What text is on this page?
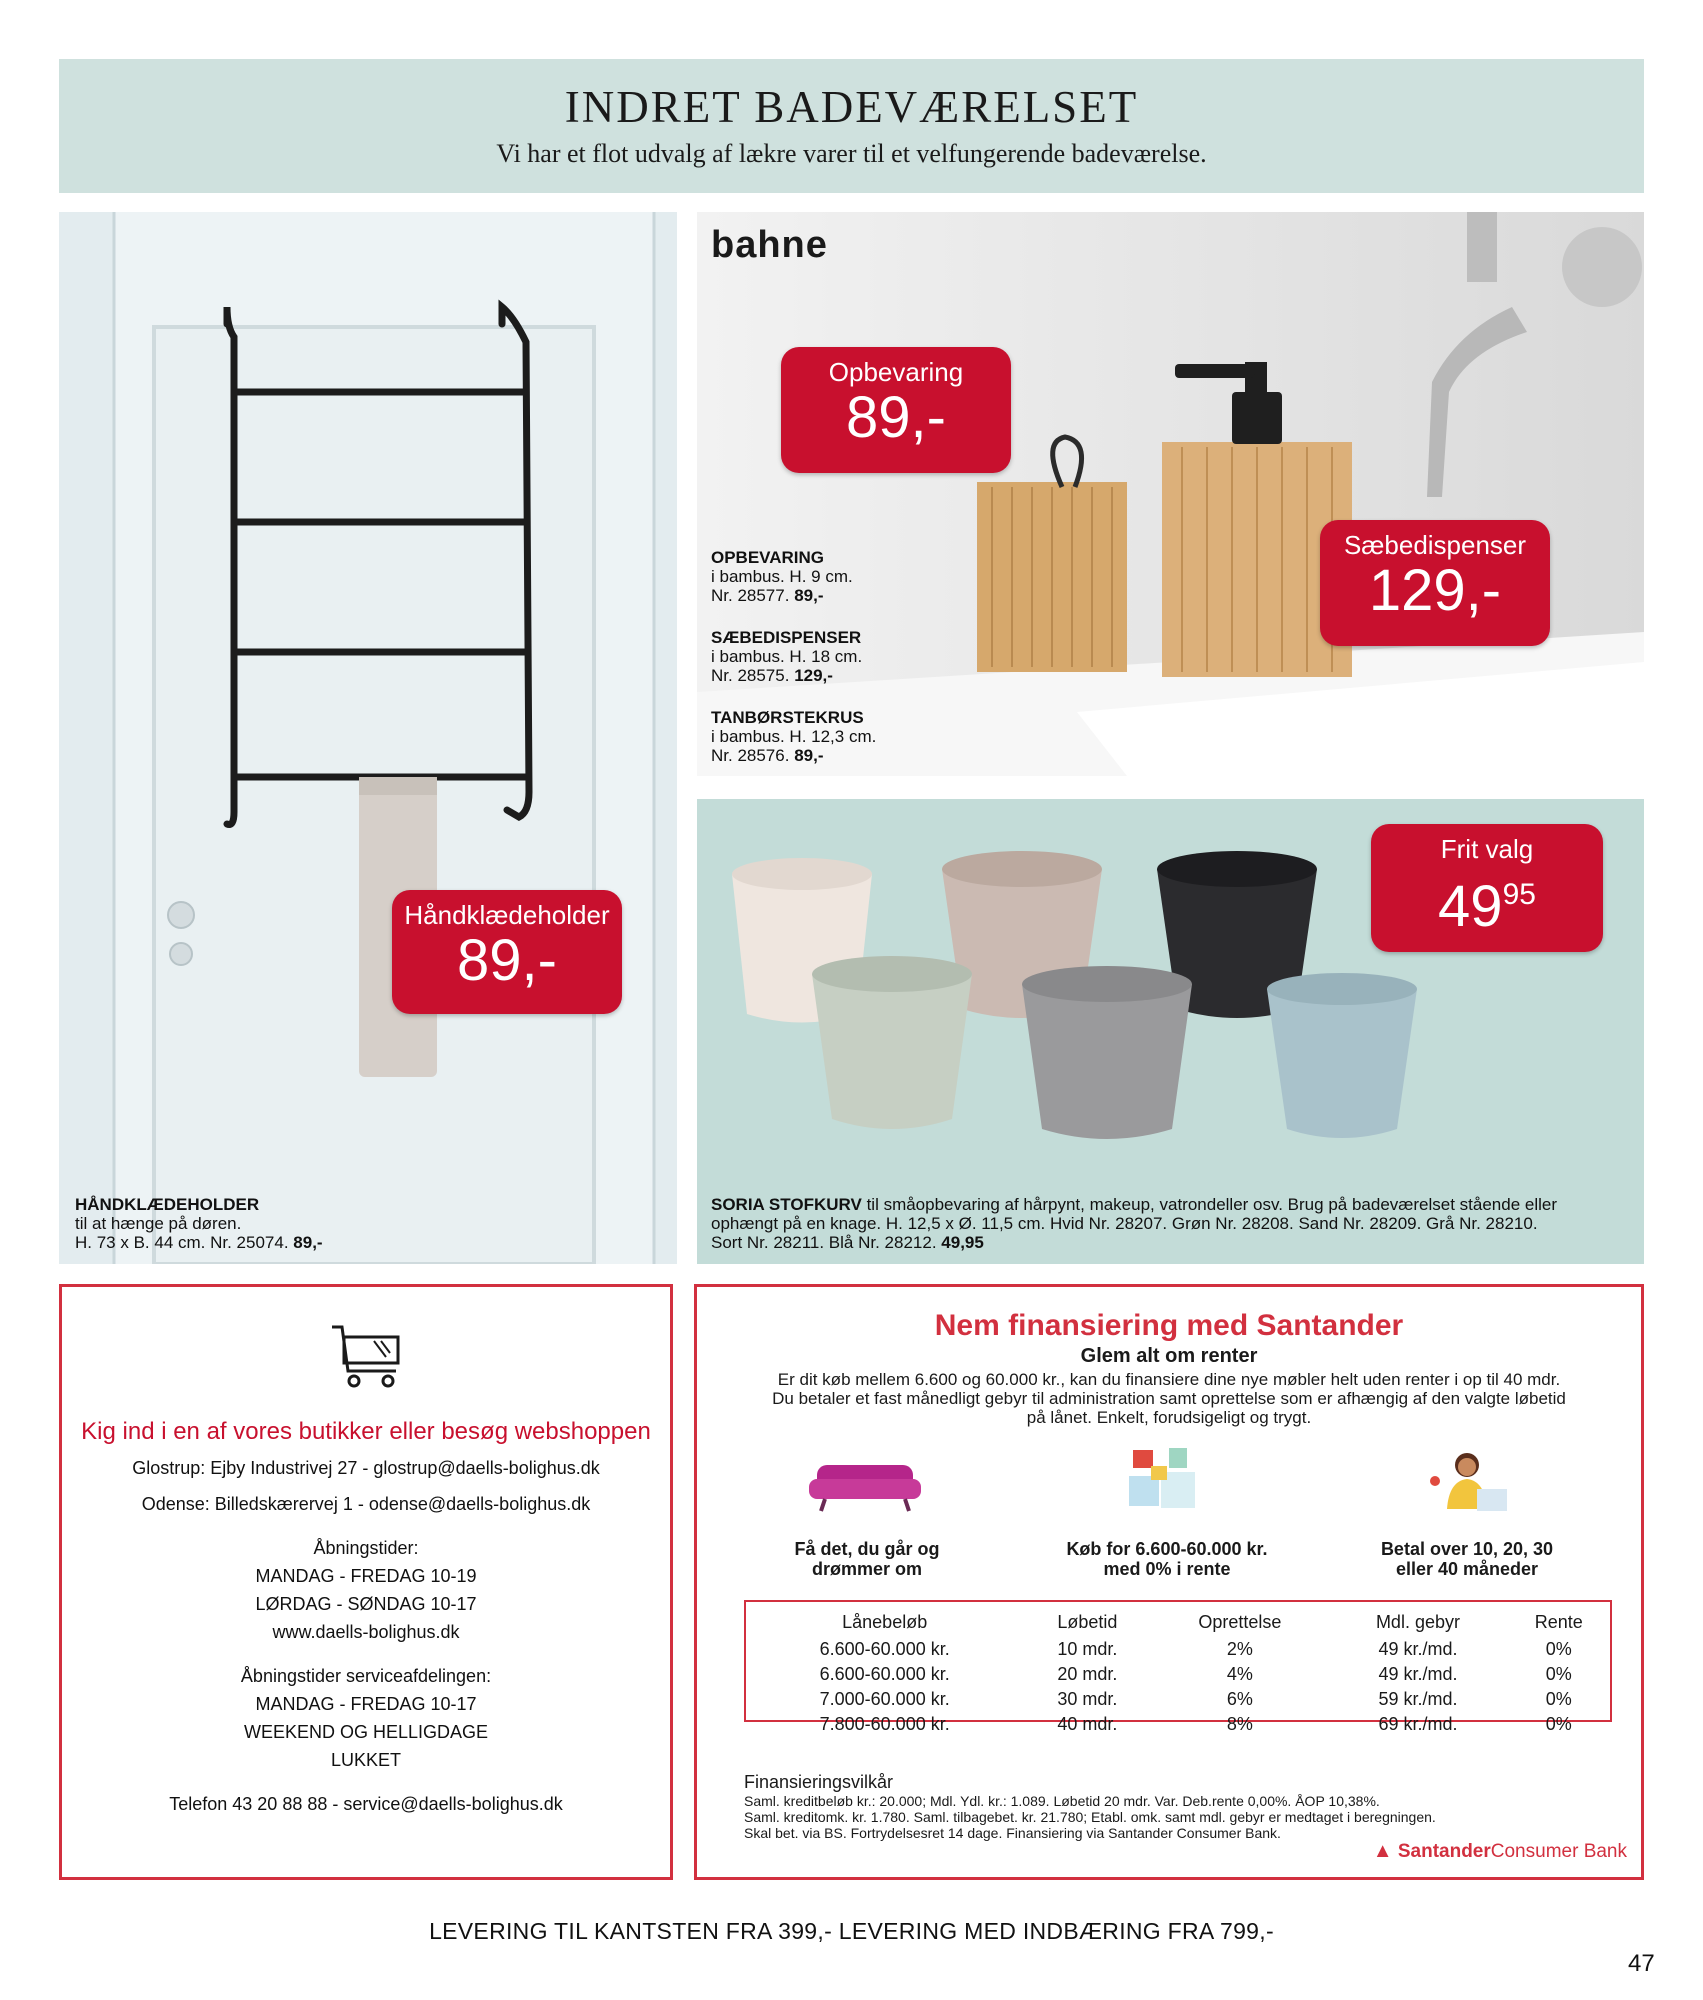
INDRET BADEVÆRELSET

Vi har et flot udvalg af lækre varer til et velfungerende badeværelse.

Håndklædeholder
89,-
HÅNDKLÆDEHOLDER
til at hænge på døren.
H. 73 x B. 44 cm. Nr. 25074. 89,-
bahne
Opbevaring
89,-
Sæbedispenser
129,-
OPBEVARING
i bambus. H. 9 cm.
Nr. 28577. 89,-
SÆBEDISPENSER
i bambus. H. 18 cm.
Nr. 28575. 129,-
TANBØRSTEKRUS
i bambus. H. 12,3 cm.
Nr. 28576. 89,-
Frit valg
$49^{95}$
SORIA STOFKURV til småopbevaring af hårpynt, makeup, vatrondeller osv. Brug på badeværelset stående eller
ophængt på en knage. H. 12,5 x Ø. 11,5 cm. Hvid Nr. 28207. Grøn Nr. 28208. Sand Nr. 28209. Grå Nr. 28210.
Sort Nr. 28211. Blå Nr. 28212. 49,95
Kig ind i en af vores butikker eller besøg webshoppen
Glostrup: Ejby Industrivej 27 - glostrup@daells-bolighus.dk
Odense: Billedskærervej 1 - odense@daells-bolighus.dk
Åbningstider:
MANDAG - FREDAG 10-19
LØRDAG - SØNDAG 10-17
www.daells-bolighus.dk
Åbningstider serviceafdelingen:
MANDAG - FREDAG 10-17
WEEKEND OG HELLIGDAGE
LUKKET
Telefon 43 20 88 88 - service@daells-bolighus.dk
Nem finansiering med Santander
Glem alt om renter
Er dit køb mellem 6.600 og 60.000 kr., kan du finansiere dine nye møbler helt uden renter i op til 40 mdr.
Du betaler et fast månedligt gebyr til administration samt oprettelse som er afhængig af den valgte løbetid
på lånet. Enkelt, forudsigeligt og trygt.
Få det, du går og
drømmer om
Køb for 6.600-60.000 kr.
med 0% i rente
Betal over 10, 20, 30
eller 40 måneder
Lånebeløb	Løbetid	Oprettelse	Mdl. gebyr	Rente
6.600-60.000 kr.	10 mdr.	2%	49 kr./md.	0%
6.600-60.000 kr.	20 mdr.	4%	49 kr./md.	0%
7.000-60.000 kr.	30 mdr.	6%	59 kr./md.	0%
7.800-60.000 kr.	40 mdr.	8%	69 kr./md.	0%
Finansieringsvilkår
Saml. kreditbeløb kr.: 20.000; Mdl. Ydl. kr.: 1.089. Løbetid 20 mdr. Var. Deb.rente 0,00%. ÅOP 10,38%.
Saml. kreditomk. kr. 1.780. Saml. tilbagebet. kr. 21.780; Etabl. omk. samt mdl. gebyr er medtaget i beregningen.
Skal bet. via BS. Fortrydelsesret 14 dage. Finansiering via Santander Consumer Bank.
▲ SantanderConsumer Bank
LEVERING TIL KANTSTEN FRA 399,- LEVERING MED INDBÆRING FRA 799,-
47
